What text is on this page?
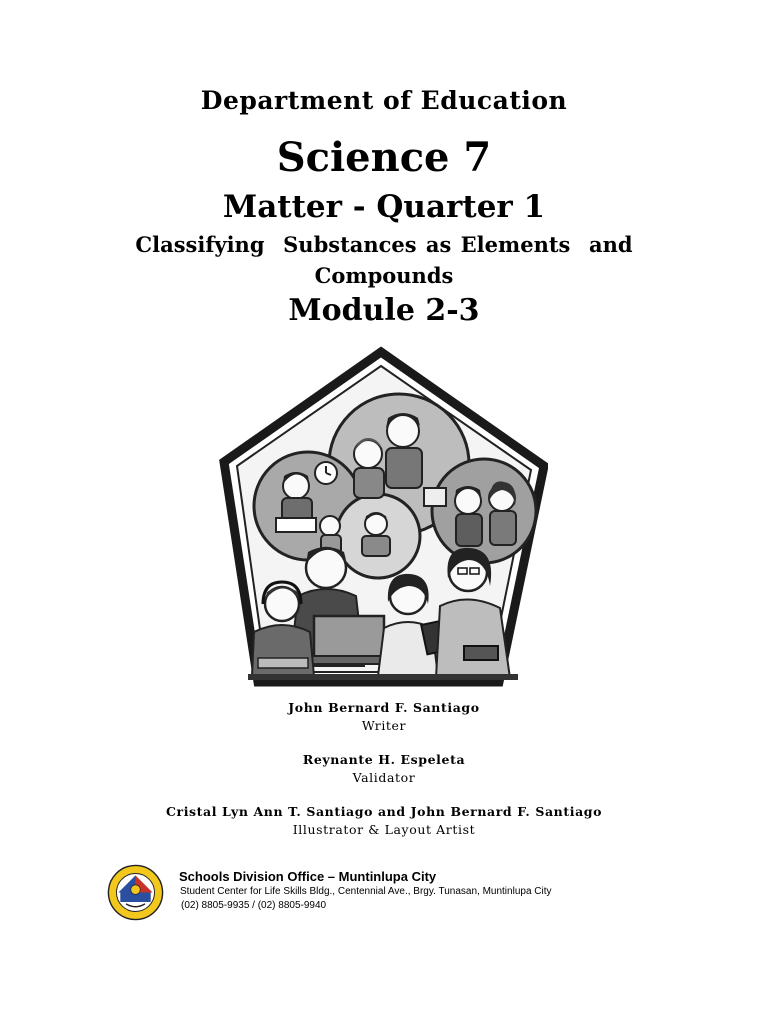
Department of Education
Science 7
Matter - Quarter 1
Classifying  Substances as Elements  and
Compounds
Module 2-3
John Bernard F. Santiago
Writer
Reynante H. Espeleta
Validator
Cristal Lyn Ann T. Santiago and John Bernard F. Santiago
Illustrator & Layout Artist
Schools Division Office – Muntinlupa City
Student Center for Life Skills Bldg., Centennial Ave., Brgy. Tunasan, Muntinlupa City
(02) 8805-9935 / (02) 8805-9940
